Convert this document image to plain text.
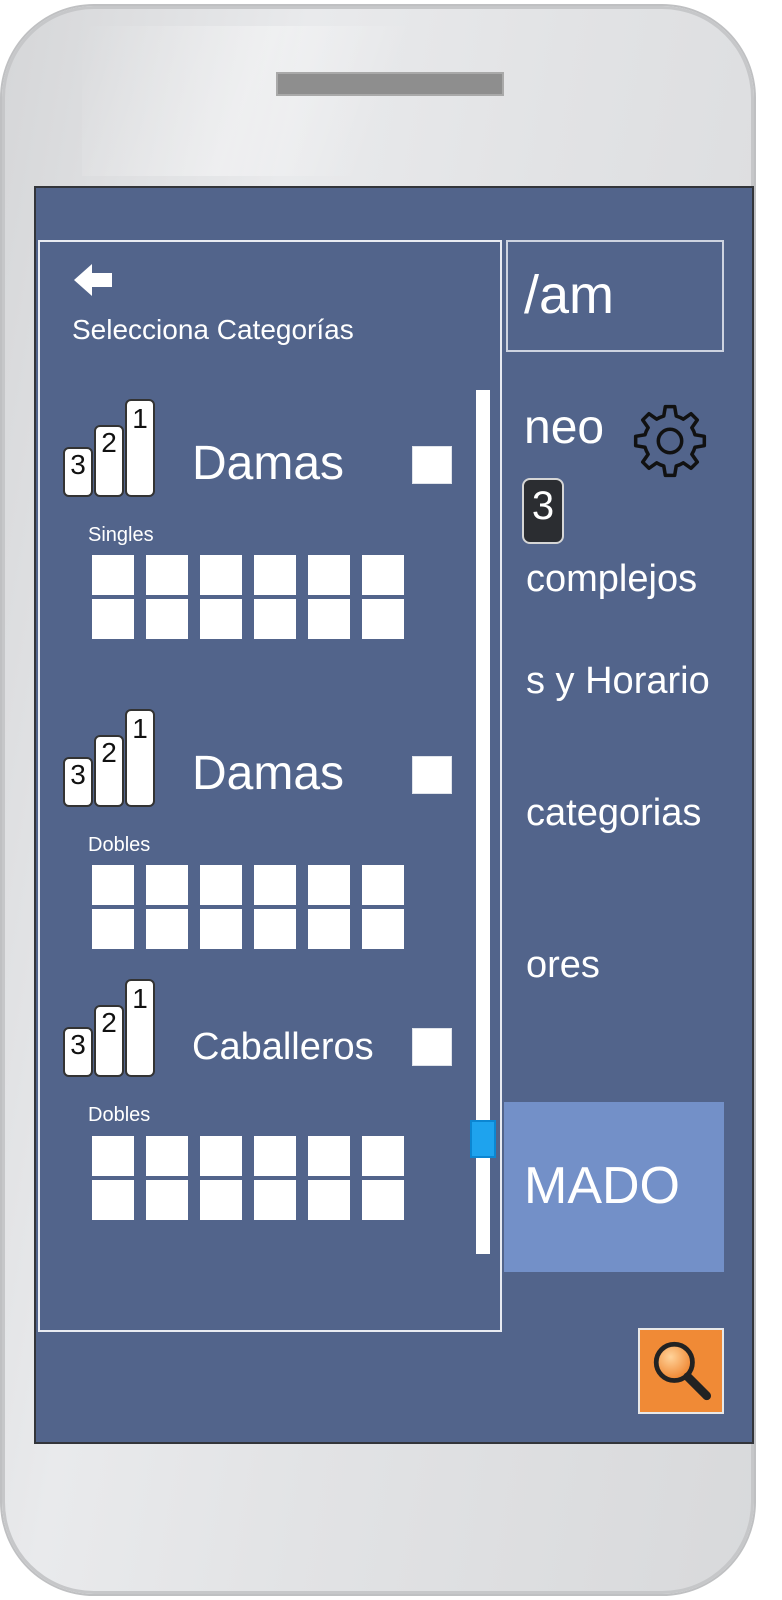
/am
neo
3
complejos
s y Horario
categorias
ores
MADO
Selecciona Categorías
3
2
1
Damas
Singles
3
2
1
Damas
Dobles
3
2
1
Caballeros
Dobles
